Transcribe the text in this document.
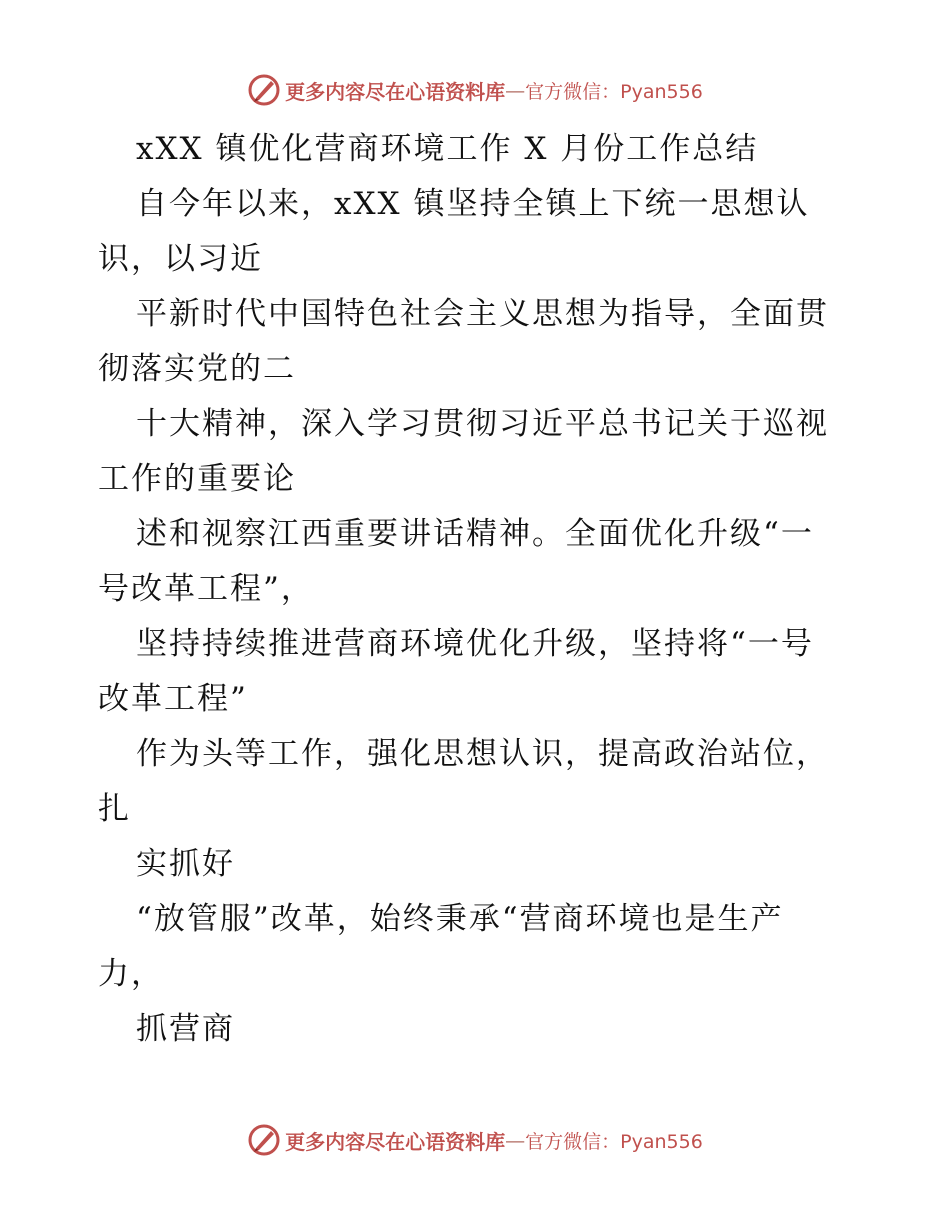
更多内容尽在心语资料库 — 官方微信：Pyan556
xXX 镇优化营商环境工作 X 月份工作总结
自今年以来，xXX 镇坚持全镇上下统一思想认
识，以习近
平新时代中国特色社会主义思想为指导，全面贯
彻落实党的二
十大精神，深入学习贯彻习近平总书记关于巡视
工作的重要论
述和视察江西重要讲话精神。全面优化升级“一
号改革工程”，
坚持持续推进营商环境优化升级，坚持将“一号
改革工程”
作为头等工作，强化思想认识，提高政治站位，
扎
实抓好
“放管服”改革，始终秉承“营商环境也是生产
力，
抓营商
更多内容尽在心语资料库 — 官方微信：Pyan556
